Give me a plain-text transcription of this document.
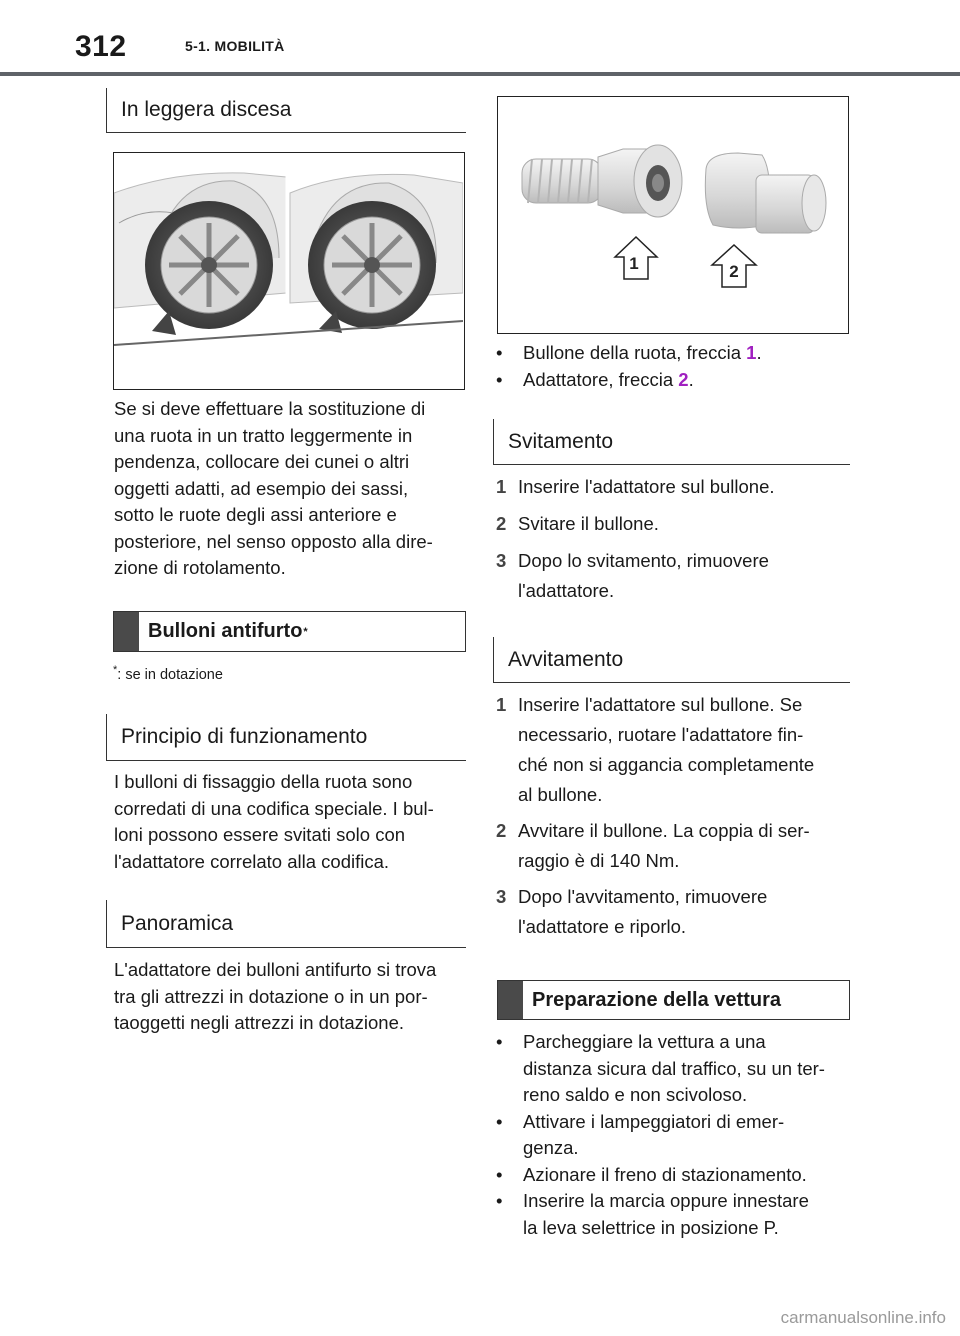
312	5-1. MOBILITÀ
In leggera discesa
Se si deve effettuare la sostituzione di
una ruota in un tratto leggermente in
pendenza, collocare dei cunei o altri
oggetti adatti, ad esempio dei sassi,
sotto le ruote degli assi anteriore e
posteriore, nel senso opposto alla dire-
zione di rotolamento.
Bulloni antifurto *
*: se in dotazione
Principio di funzionamento
I bulloni di fissaggio della ruota sono
corredati di una codifica speciale. I bul-
loni possono essere svitati solo con
l'adattatore correlato alla codifica.
Panoramica
L'adattatore dei bulloni antifurto si trova
tra gli attrezzi in dotazione o in un por-
taoggetti negli attrezzi in dotazione.
1	2
•	Bullone della ruota, freccia 1.
•	Adattatore, freccia 2.
Svitamento
1 Inserire l'adattatore sul bullone.
2 Svitare il bullone.
3 Dopo lo svitamento, rimuovere
l'adattatore.
Avvitamento
1 Inserire l'adattatore sul bullone. Se
necessario, ruotare l'adattatore fin-
ché non si aggancia completamente
al bullone.
2 Avvitare il bullone. La coppia di ser-
raggio è di 140 Nm.
3 Dopo l'avvitamento, rimuovere
l'adattatore e riporlo.
Preparazione della vettura
•	Parcheggiare la vettura a una
distanza sicura dal traffico, su un ter-
reno saldo e non scivoloso.
•	Attivare i lampeggiatori di emer-
genza.
•	Azionare il freno di stazionamento.
•	Inserire la marcia oppure innestare
la leva selettrice in posizione P.
carmanualsonline.info
